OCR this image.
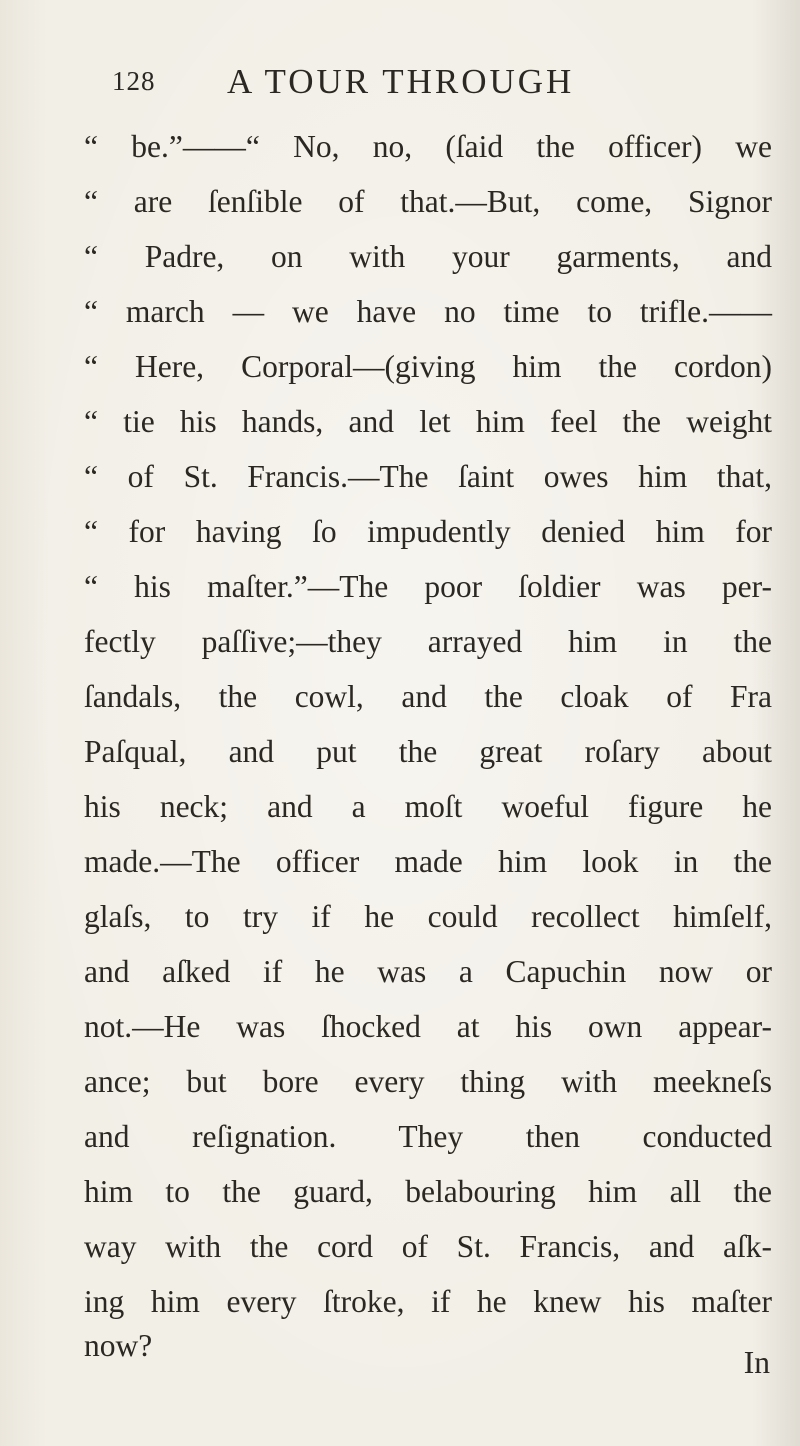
128 A TOUR THROUGH
“ be.”——“ No, no, (ſaid the officer) we
“ are ſenſible of that.—But, come, Signor
“ Padre, on with your garments, and
“ march — we have no time to trifle.——
“ Here, Corporal—(giving him the cordon)
“ tie his hands, and let him feel the weight
“ of St. Francis.—The ſaint owes him that,
“ for having ſo impudently denied him for
“ his maſter.”—The poor ſoldier was per-
fectly paſſive;—they arrayed him in the
ſandals, the cowl, and the cloak of Fra
Paſqual, and put the great roſary about
his neck; and a moſt woeful figure he
made.—The officer made him look in the
glaſs, to try if he could recollect himſelf,
and aſked if he was a Capuchin now or
not.—He was ſhocked at his own appear-
ance; but bore every thing with meekneſs
and reſignation. They then conducted
him to the guard, belabouring him all the
way with the cord of St. Francis, and aſk-
ing him every ſtroke, if he knew his maſter
now?	In
